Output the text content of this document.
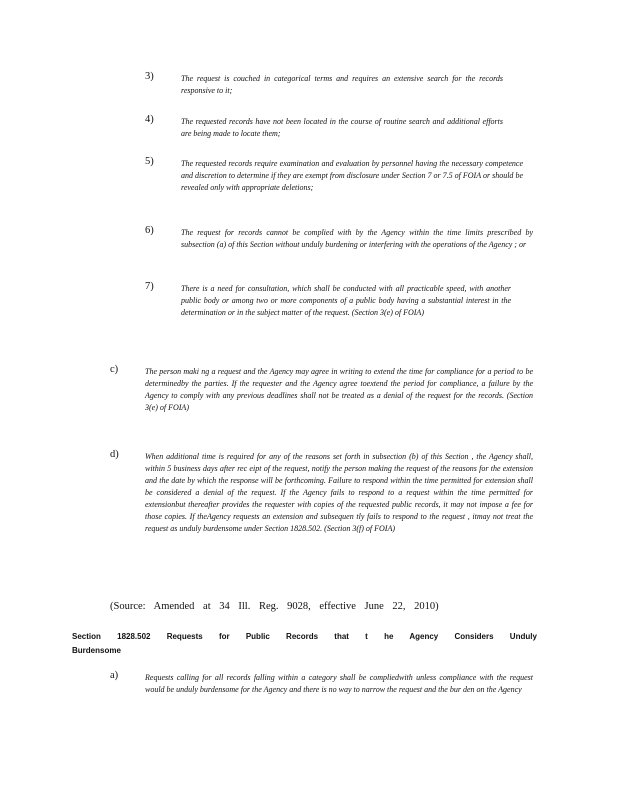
3)	The request is couched in categorical terms and requires an extensive search for the records responsive to it;
4)	The requested records have not been located in the course of routine search and additional efforts are being made to locate them;
5)	The requested records require examination and evaluation by personnel having the necessary competence and discretion to determine if they are exempt from disclosure under Section 7 or 7.5 of FOIA or should be revealed only with appropriate deletions;
6)	The request for records cannot be complied with by the Agency within the time limits prescribed by subsection (a) of this Section without unduly burdening or interfering with the operations of the Agency ; or
7)	There is a need for consultation, which shall be conducted with all practicable speed, with another public body or among two or more components of a public body having a substantial interest in the determination or in the subject matter of the request. (Section 3(e) of FOIA)
c)	The person maki ng a request and the Agency may agree in writing to extend the time for compliance for a period to be determinedby the parties. If the requester and the Agency agree toextend the period for compliance, a failure by the Agency to comply with any previous deadlines shall not be treated as a denial of the request for the records. (Section 3(e) of FOIA)
d)	When additional time is required for any of the reasons set forth in subsection (b) of this Section , the Agency shall, within 5 business days after rec eipt of the request, notify the person making the request of the reasons for the extension and the date by which the response will be forthcoming. Failure to respond within the time permitted for extension shall be considered a denial of the request. If the Agency fails to respond to a request within the time permitted for extensionbut thereafter provides the requester with copies of the requested public records, it may not impose a fee for those copies. If theAgency requests an extension and subsequen tly fails to respond to the request , itmay not treat the request as unduly burdensome under Section 1828.502. (Section 3(f) of FOIA)
(Source: Amended at 34 Ill. Reg. 9028, effective June 22, 2010)
Section 1828.502 Requests for Public Records that t he Agency Considers Unduly Burdensome
a)	Requests calling for all records falling within a category shall be compliedwith unless compliance with the request would be unduly burdensome for the Agency and there is no way to narrow the request and the bur den on the Agency
